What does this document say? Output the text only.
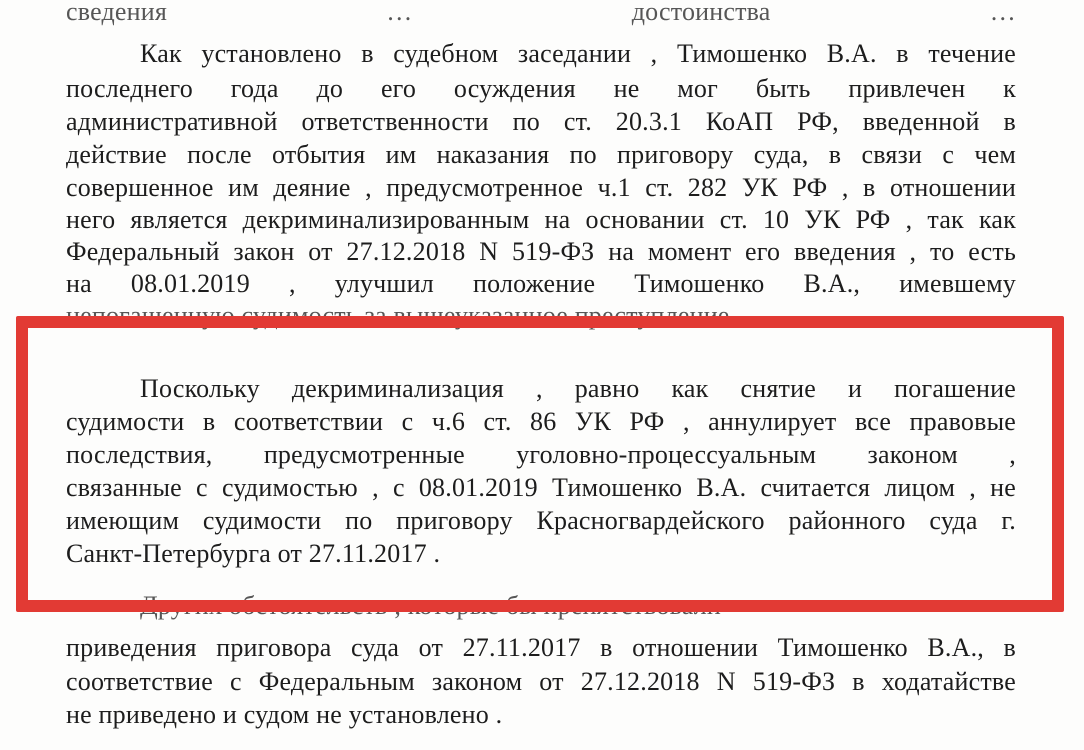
сведения … достоинства …
Как установлено в судебном заседании , Тимошенко В.А. в течение
последнего года до его осуждения не мог быть привлечен к
административной ответственности по ст. 20.3.1 КоАП РФ, введенной в
действие после отбытия им наказания по приговору суда, в связи с чем
совершенное им деяние , предусмотренное ч.1 ст. 282 УК РФ , в отношении
него является декриминализированным на основании ст. 10 УК РФ , так как
Федеральный закон от 27.12.2018 N 519-ФЗ на момент его введения , то есть
на 08.01.2019 , улучшил положение Тимошенко В.А., имевшему
непогашенную судимость за вышеуказанное преступление .
Поскольку декриминализация , равно как снятие и погашение
судимости в соответствии с ч.6 ст. 86 УК РФ , аннулирует все правовые
последствия, предусмотренные уголовно-процессуальным законом ,
связанные с судимостью , с 08.01.2019 Тимошенко В.А. считается лицом , не
имеющим судимости по приговору Красногвардейского районного суда г.
Санкт-Петербурга от 27.11.2017 .
Других обстоятельств , которые бы препятствовали
приведения приговора суда от 27.11.2017 в отношении Тимошенко В.А., в
соответствие с Федеральным законом от 27.12.2018 N 519-ФЗ в ходатайстве
не приведено и судом не установлено .
